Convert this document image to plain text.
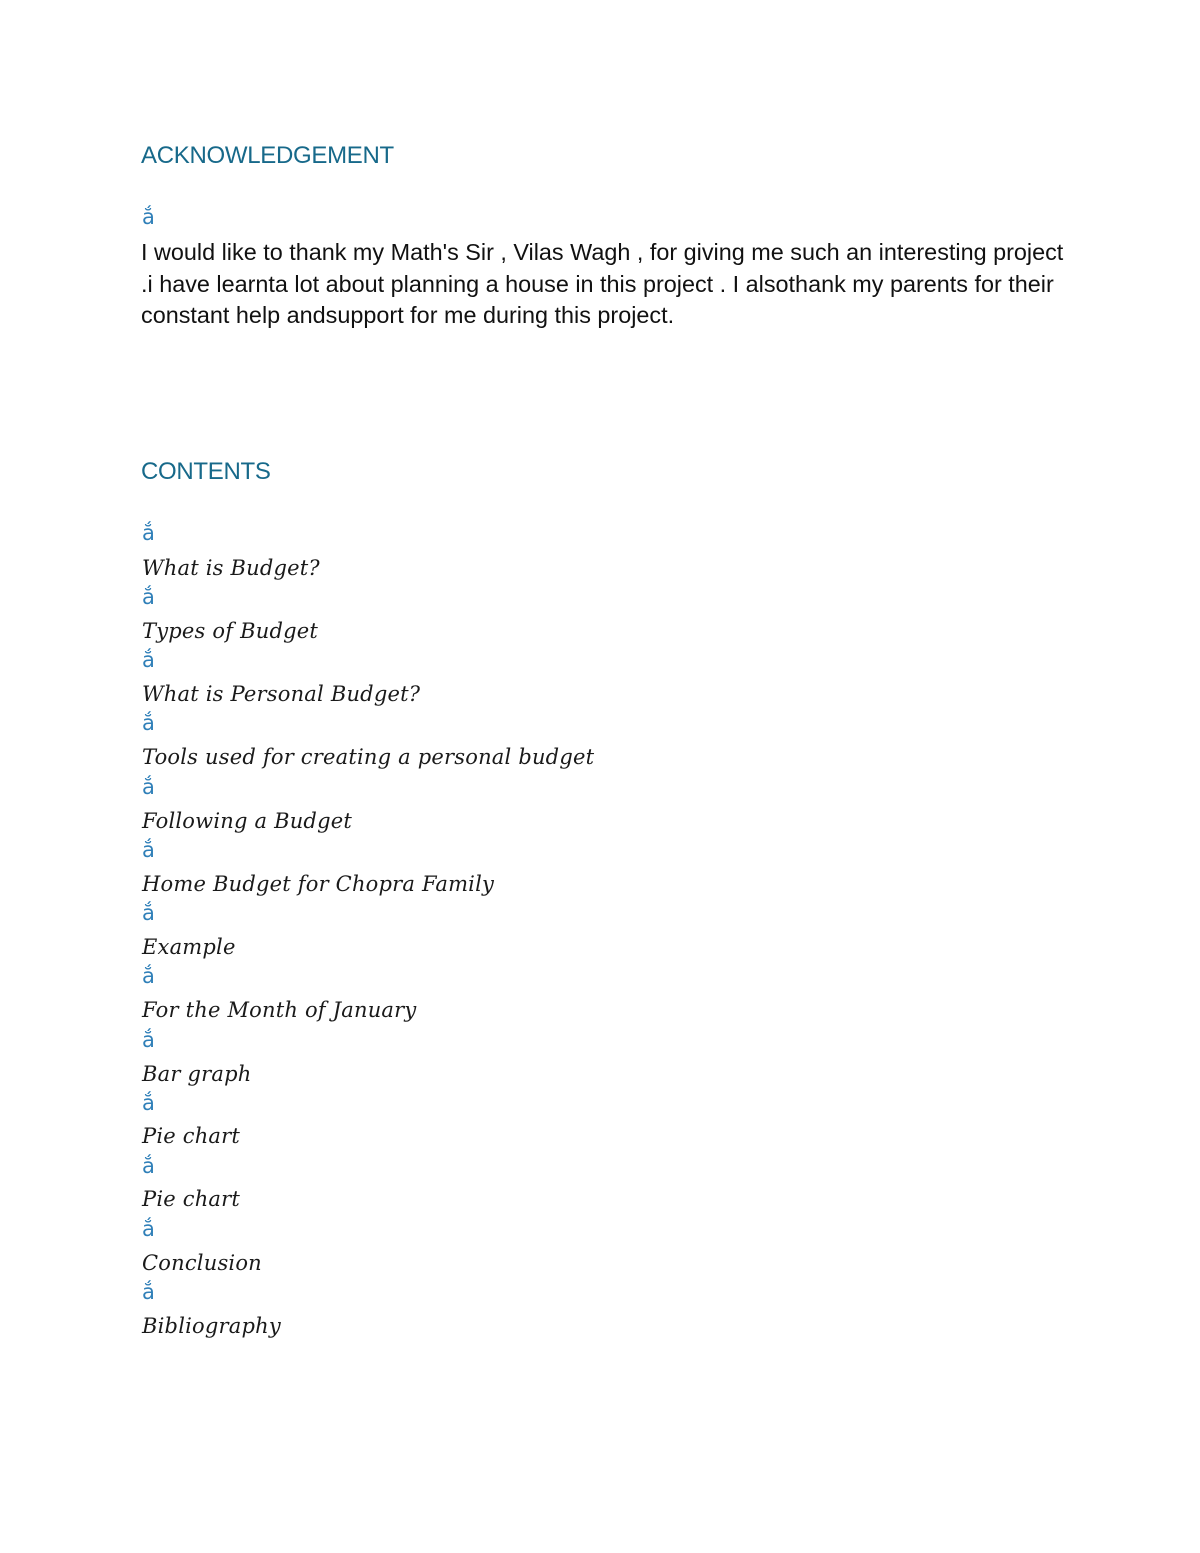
ACKNOWLEDGEMENT
ắ

I would like to thank my Math's Sir , Vilas Wagh , for giving me such an interesting project .i have learnta lot about planning a house in this project . I alsothank my parents for their constant help andsupport for me during this project.

CONTENTS
ắ
What is Budget?
ắ
Types of Budget
ắ
What is Personal Budget?
ắ
Tools used for creating a personal budget
ắ
Following a Budget
ắ
Home Budget for Chopra Family
ắ
Example
ắ
For the Month of January
ắ
Bar graph
ắ
Pie chart
ắ
Pie chart
ắ
Conclusion
ắ
Bibliography
